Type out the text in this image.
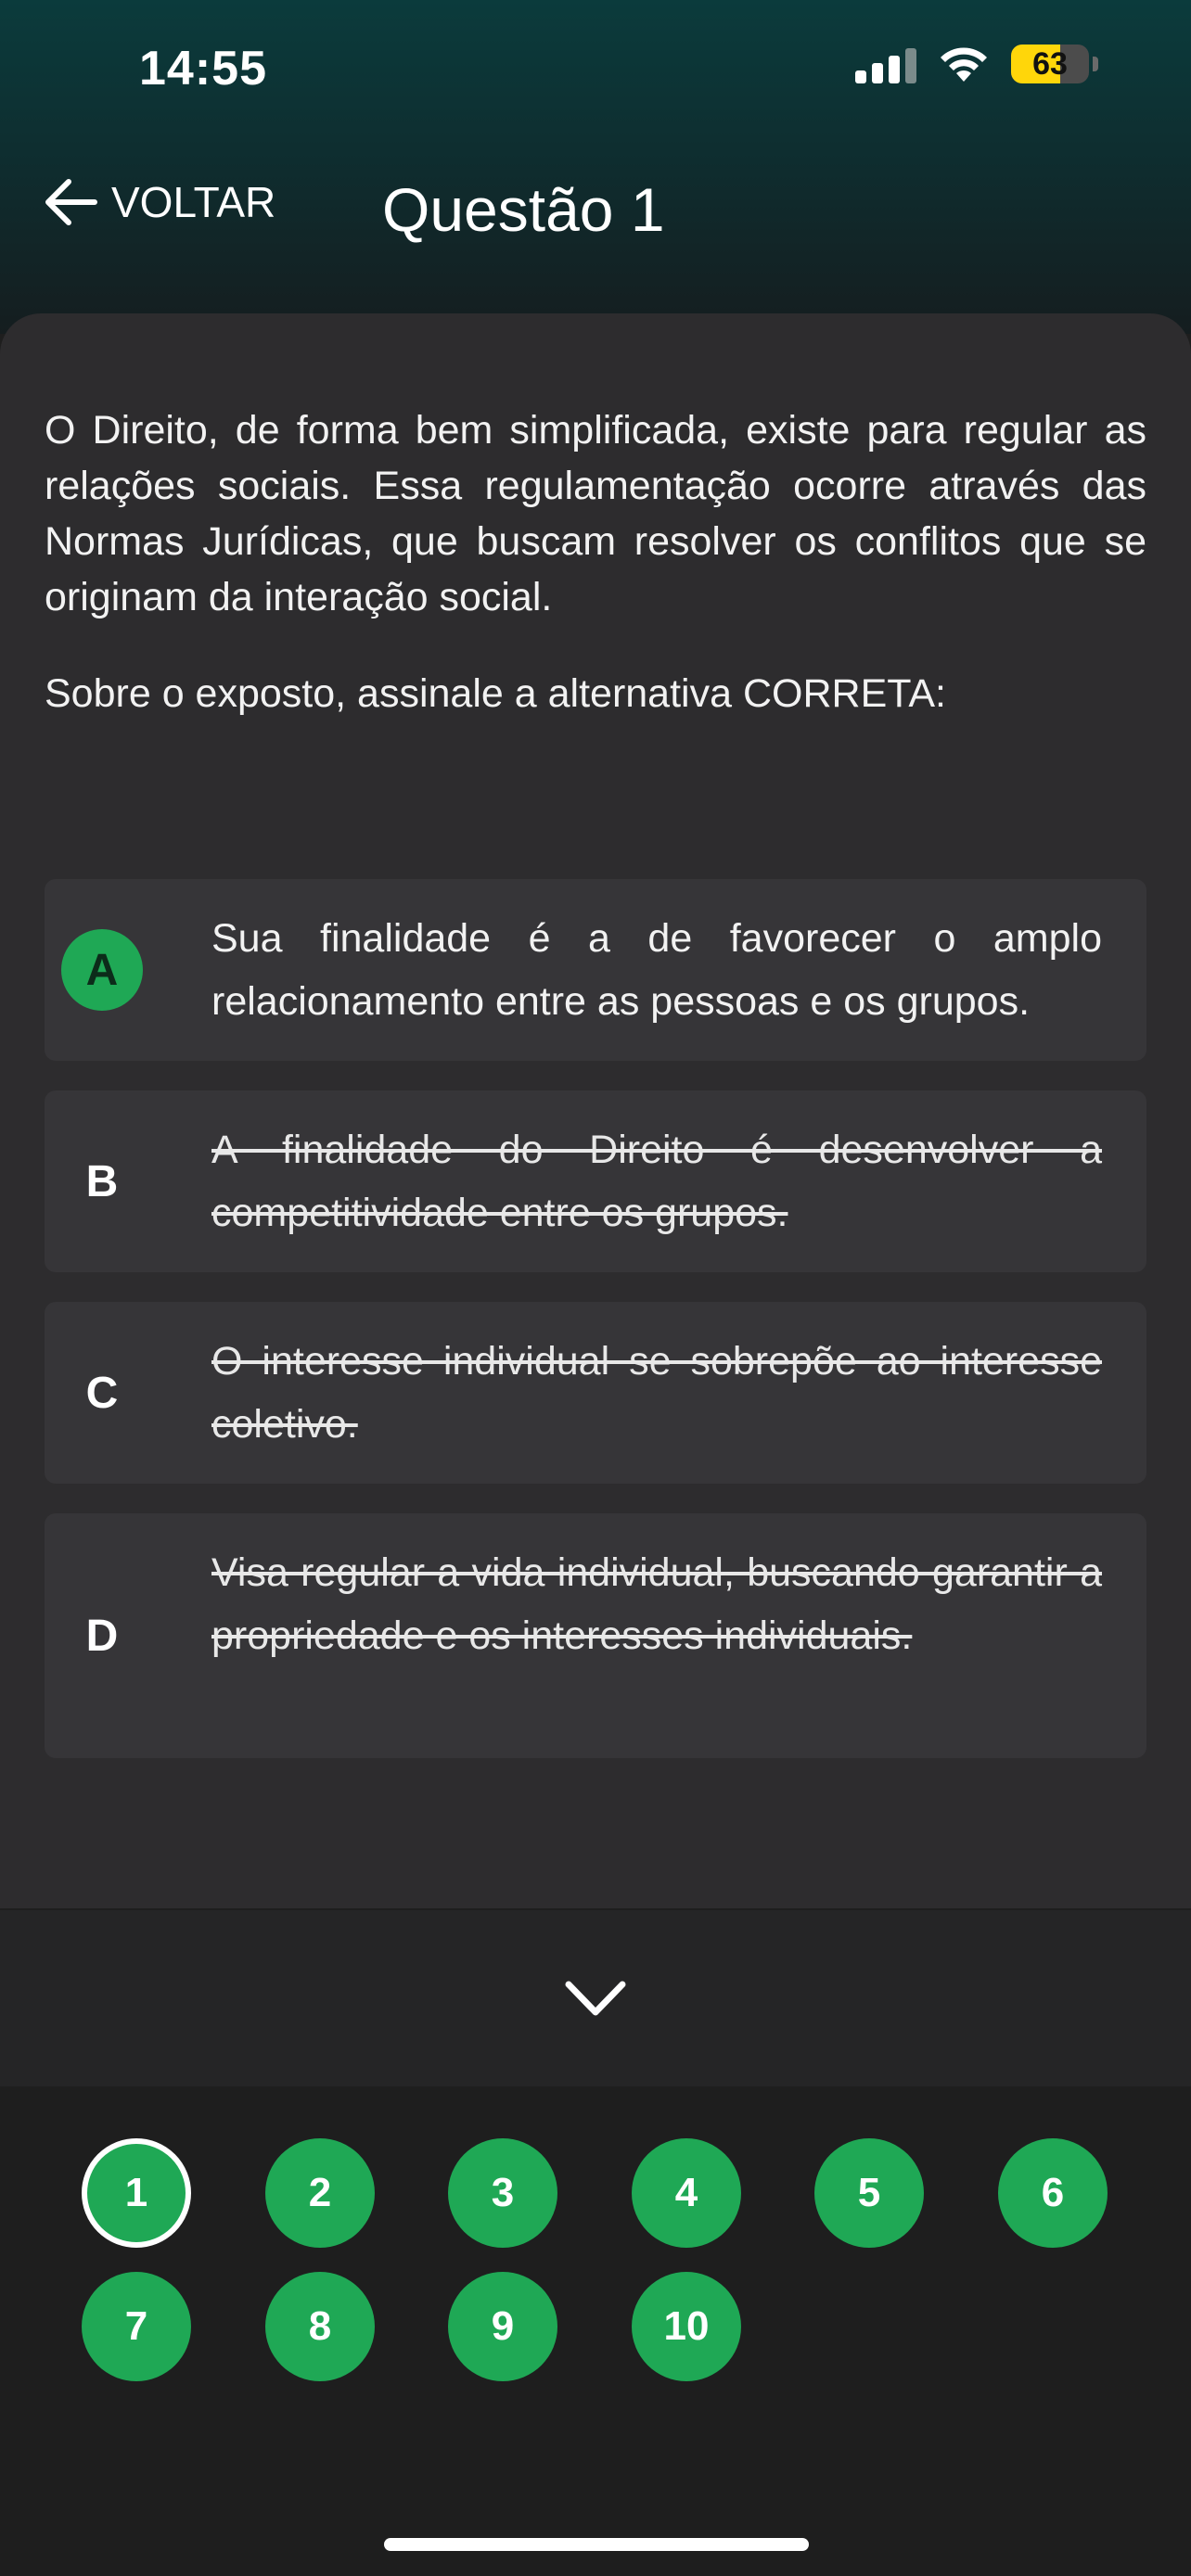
14:55	63
VOLTAR Questão 1
O Direito, de forma bem simplificada, existe para regular as relações sociais. Essa regulamentação ocorre através das Normas Jurídicas, que buscam resolver os conflitos que se originam da interação social.
Sobre o exposto, assinale a alternativa CORRETA:
A
Sua finalidade é a de favorecer o amplo relacionamento entre as pessoas e os grupos.
B
A finalidade do Direito é desenvolver a competitividade entre os grupos.
C
O interesse individual se sobrepõe ao interesse coletivo.
D
Visa regular a vida individual, buscando garantir a propriedade e os interesses individuais.
1	2	3	4	5	6
7	8	9	10
